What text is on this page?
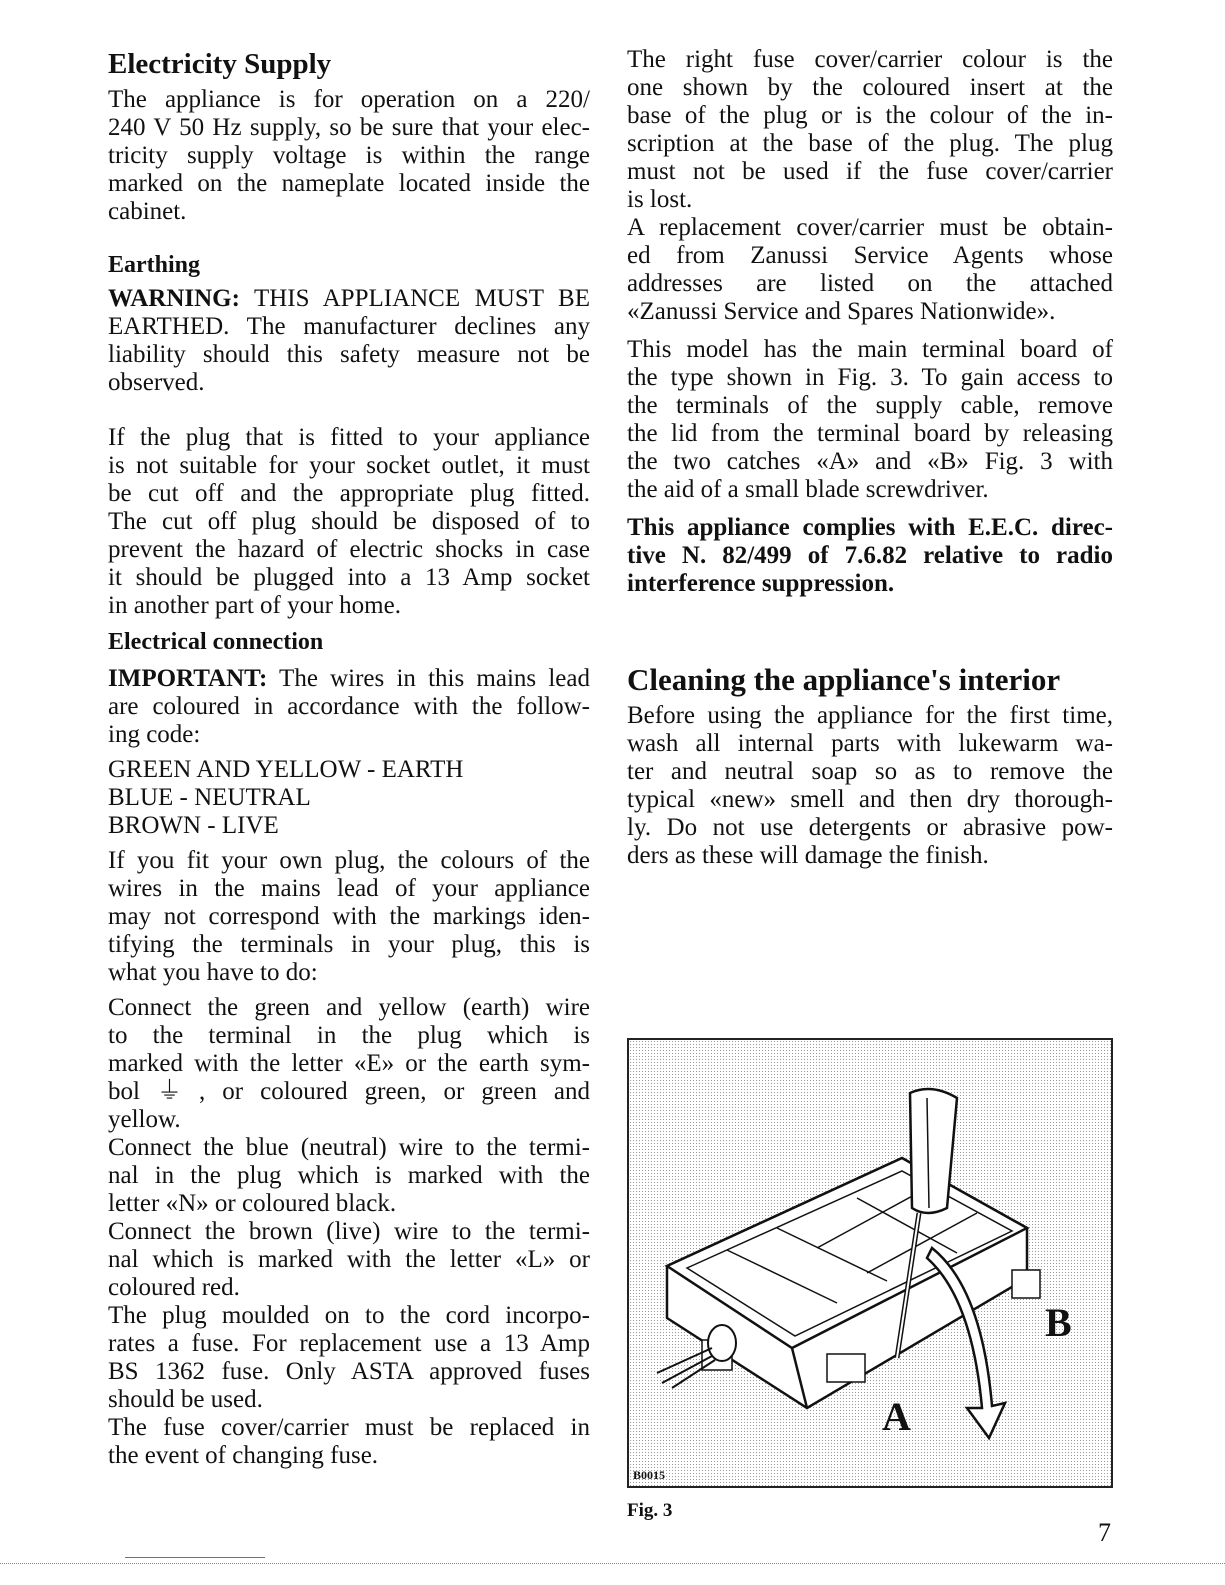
Electricity Supply
The appliance is for operation on a 220/
240 V 50 Hz supply, so be sure that your elec-
tricity supply voltage is within the range
marked on the nameplate located inside the
cabinet.
Earthing
WARNING: THIS APPLIANCE MUST BE
EARTHED. The manufacturer declines any
liability should this safety measure not be
observed.
If the plug that is fitted to your appliance
is not suitable for your socket outlet, it must
be cut off and the appropriate plug fitted.
The cut off plug should be disposed of to
prevent the hazard of electric shocks in case
it should be plugged into a 13 Amp socket
in another part of your home.
Electrical connection
IMPORTANT: The wires in this mains lead
are coloured in accordance with the follow-
ing code:
GREEN AND YELLOW - EARTH
BLUE - NEUTRAL
BROWN - LIVE
If you fit your own plug, the colours of the
wires in the mains lead of your appliance
may not correspond with the markings iden-
tifying the terminals in your plug, this is
what you have to do:
Connect the green and yellow (earth) wire
to the terminal in the plug which is
marked with the letter «E» or the earth sym-
bol ⏚ , or coloured green, or green and
yellow.
Connect the blue (neutral) wire to the termi-
nal in the plug which is marked with the
letter «N» or coloured black.
Connect the brown (live) wire to the termi-
nal which is marked with the letter «L» or
coloured red.
The plug moulded on to the cord incorpo-
rates a fuse. For replacement use a 13 Amp
BS 1362 fuse. Only ASTA approved fuses
should be used.
The fuse cover/carrier must be replaced in
the event of changing fuse.
The right fuse cover/carrier colour is the
one shown by the coloured insert at the
base of the plug or is the colour of the in-
scription at the base of the plug. The plug
must not be used if the fuse cover/carrier
is lost.
A replacement cover/carrier must be obtain-
ed from Zanussi Service Agents whose
addresses are listed on the attached
«Zanussi Service and Spares Nationwide».
This model has the main terminal board of
the type shown in Fig. 3. To gain access to
the terminals of the supply cable, remove
the lid from the terminal board by releasing
the two catches «A» and «B» Fig. 3 with
the aid of a small blade screwdriver.
This appliance complies with E.E.C. direc-
tive N. 82/499 of 7.6.82 relative to radio
interference suppression.
Cleaning the appliance's interior
Before using the appliance for the first time,
wash all internal parts with lukewarm wa-
ter and neutral soap so as to remove the
typical «new» smell and then dry thorough-
ly. Do not use detergents or abrasive pow-
ders as these will damage the finish.
A
B
B0015
Fig. 3
7
